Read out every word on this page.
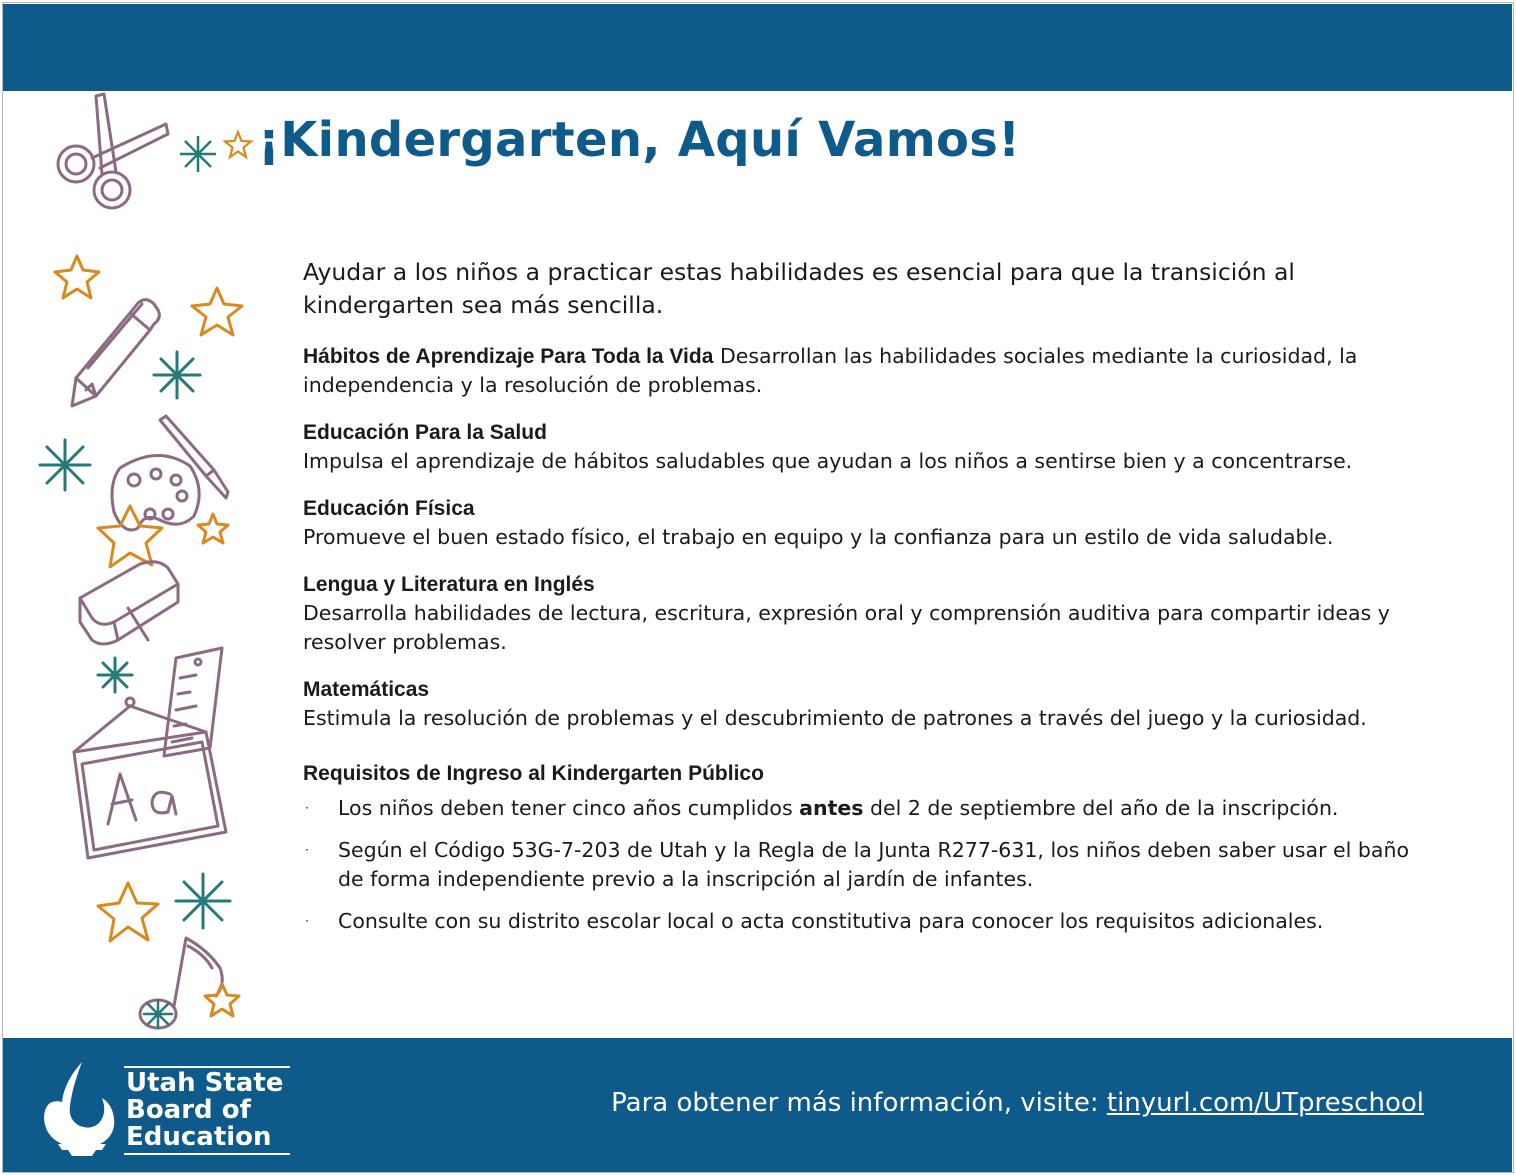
¡Kindergarten, Aquí Vamos!

Ayudar a los niños a practicar estas habilidades es esencial para que la transición al kindergarten sea más sencilla.

Hábitos de Aprendizaje Para Toda la Vida Desarrollan las habilidades sociales mediante la curiosidad, la independencia y la resolución de problemas.
Educación Para la Salud
Impulsa el aprendizaje de hábitos saludables que ayudan a los niños a sentirse bien y a concentrarse.
Educación Física
Promueve el buen estado físico, el trabajo en equipo y la confianza para un estilo de vida saludable.
Lengua y Literatura en Inglés
Desarrolla habilidades de lectura, escritura, expresión oral y comprensión auditiva para compartir ideas y resolver problemas.
Matemáticas
Estimula la resolución de problemas y el descubrimiento de patrones a través del juego y la curiosidad.
Requisitos de Ingreso al Kindergarten Público
· Los niños deben tener cinco años cumplidos antes del 2 de septiembre del año de la inscripción.
· Según el Código 53G-7-203 de Utah y la Regla de la Junta R277-631, los niños deben saber usar el baño de forma independiente previo a la inscripción al jardín de infantes.
· Consulte con su distrito escolar local o acta constitutiva para conocer los requisitos adicionales.
Utah State
Board of
Education
Para obtener más información, visite: tinyurl.com/UTpreschool
